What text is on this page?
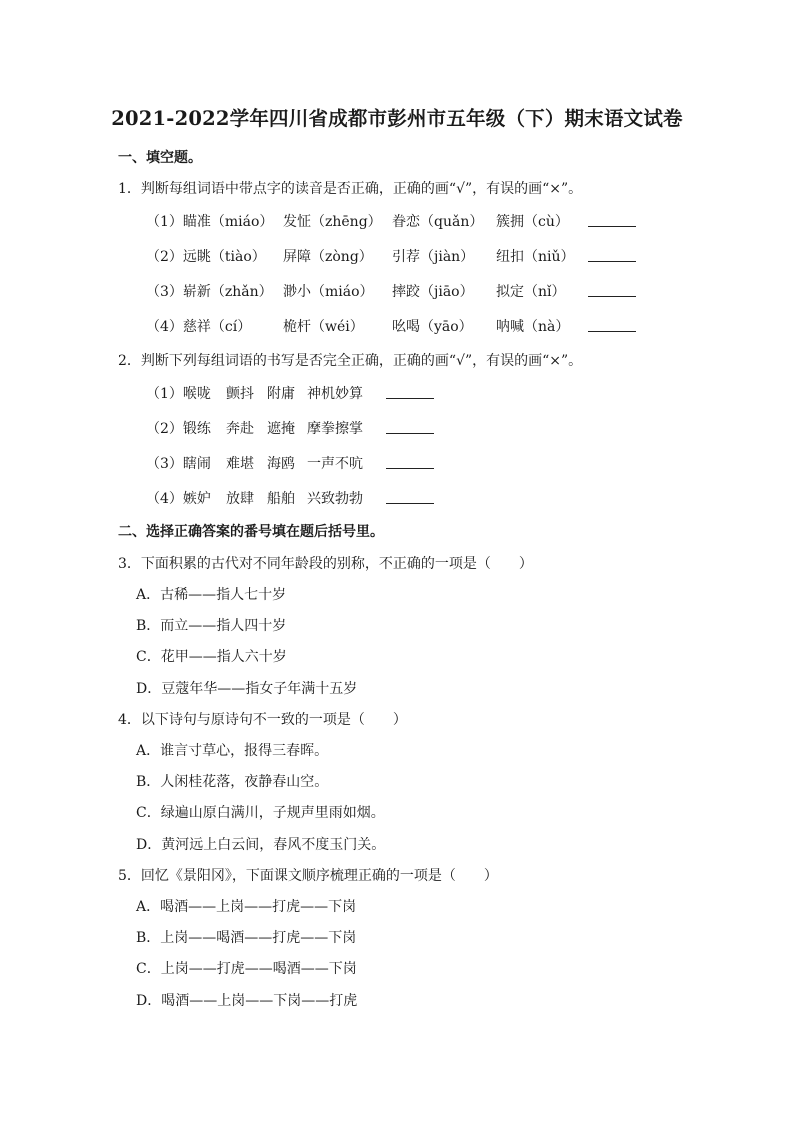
2021-2022学年四川省成都市彭州市五年级（下）期末语文试卷
一、填空题。
1．判断每组词语中带点字的读音是否正确，正确的画“√”，有误的画“×”。
（1）瞄准（miáo） 发怔（zhēng） 眷恋（quǎn） 簇拥（cù）
（2）远眺（tiào） 屏障（zòng） 引荐（jiàn） 纽扣（niǔ）
（3）崭新（zhǎn） 渺小（miáo） 摔跤（jiāo） 拟定（nǐ）
（4）慈祥（cí） 桅杆（wéi） 吆喝（yāo） 呐喊（nà）
2．判断下列每组词语的书写是否完全正确，正确的画“√”，有误的画“×”。
（1）喉咙 颤抖 附庸 神机妙算
（2）锻练 奔赴 遮掩 摩拳擦掌
（3）瞎闹 难堪 海鸥 一声不吭
（4）嫉妒 放肆 船舶 兴致勃勃
二、选择正确答案的番号填在题后括号里。
3．下面积累的古代对不同年龄段的别称，不正确的一项是（　　）
A．古稀——指人七十岁
B．而立——指人四十岁
C．花甲——指人六十岁
D．豆蔻年华——指女子年满十五岁
4．以下诗句与原诗句不一致的一项是（　　）
A．谁言寸草心，报得三春晖。
B．人闲桂花落，夜静春山空。
C．绿遍山原白满川，子规声里雨如烟。
D．黄河远上白云间，春风不度玉门关。
5．回忆《景阳冈》，下面课文顺序梳理正确的一项是（　　）
A．喝酒——上岗——打虎——下岗
B．上岗——喝酒——打虎——下岗
C．上岗——打虎——喝酒——下岗
D．喝酒——上岗——下岗——打虎
